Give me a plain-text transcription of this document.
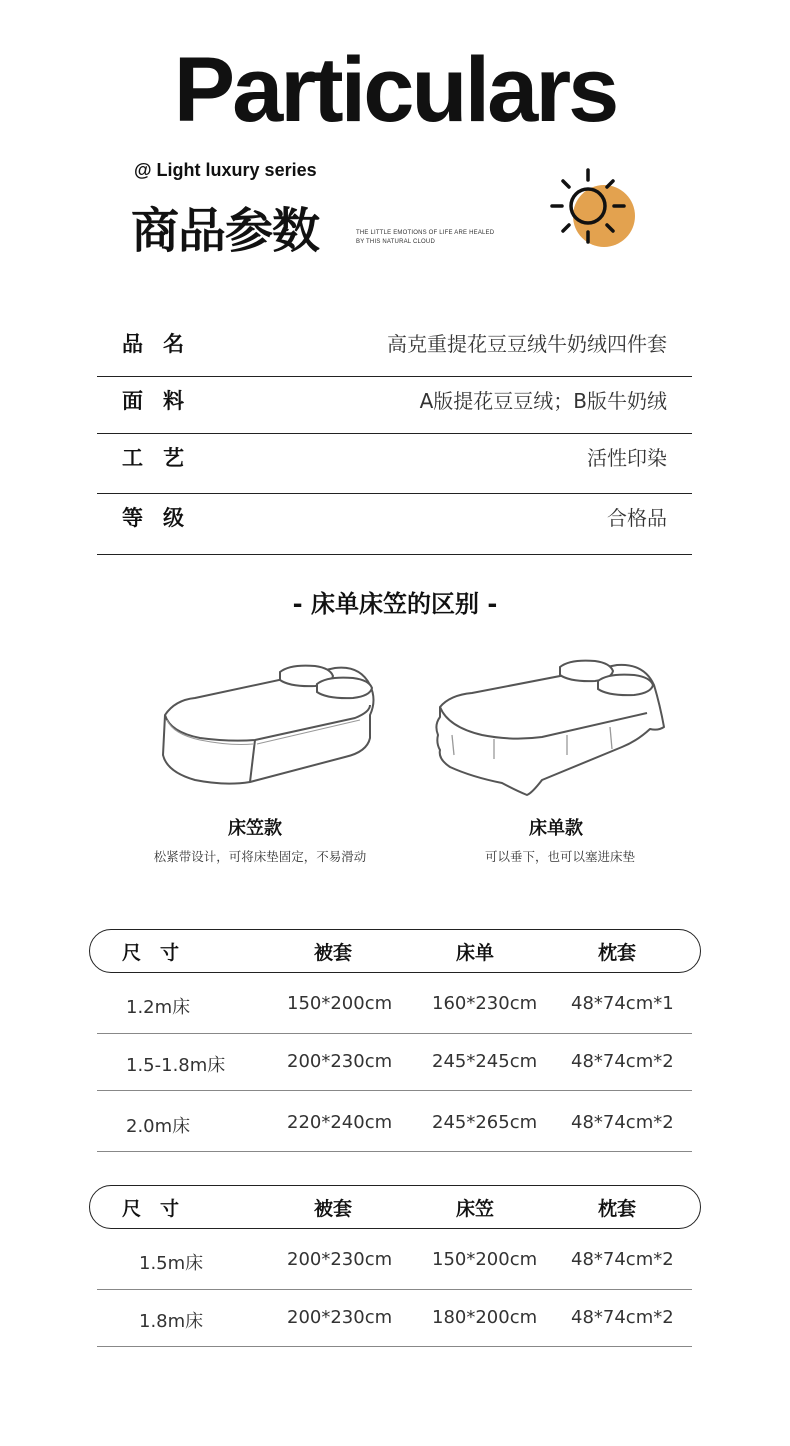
Particulars
@ Light luxury series
商品参数	THE LITTLE EMOTIONS OF LIFE ARE HEALED
BY THIS NATURAL CLOUD
品名	高克重提花豆豆绒牛奶绒四件套
面料	A版提花豆豆绒；B版牛奶绒
工艺	活性印染
等级	合格品
- 床单床笠的区别 -
床笠款
松紧带设计，可将床垫固定，不易滑动
床单款
可以垂下，也可以塞进床垫
尺　寸	被套	床单	枕套
1.2m床	150*200cm 160*230cm 48*74cm*1
1.5-1.8m床	200*230cm 245*245cm 48*74cm*2
2.0m床	220*240cm 245*265cm 48*74cm*2
尺　寸	被套	床笠	枕套
1.5m床	200*230cm 150*200cm 48*74cm*2
1.8m床	200*230cm 180*200cm 48*74cm*2
